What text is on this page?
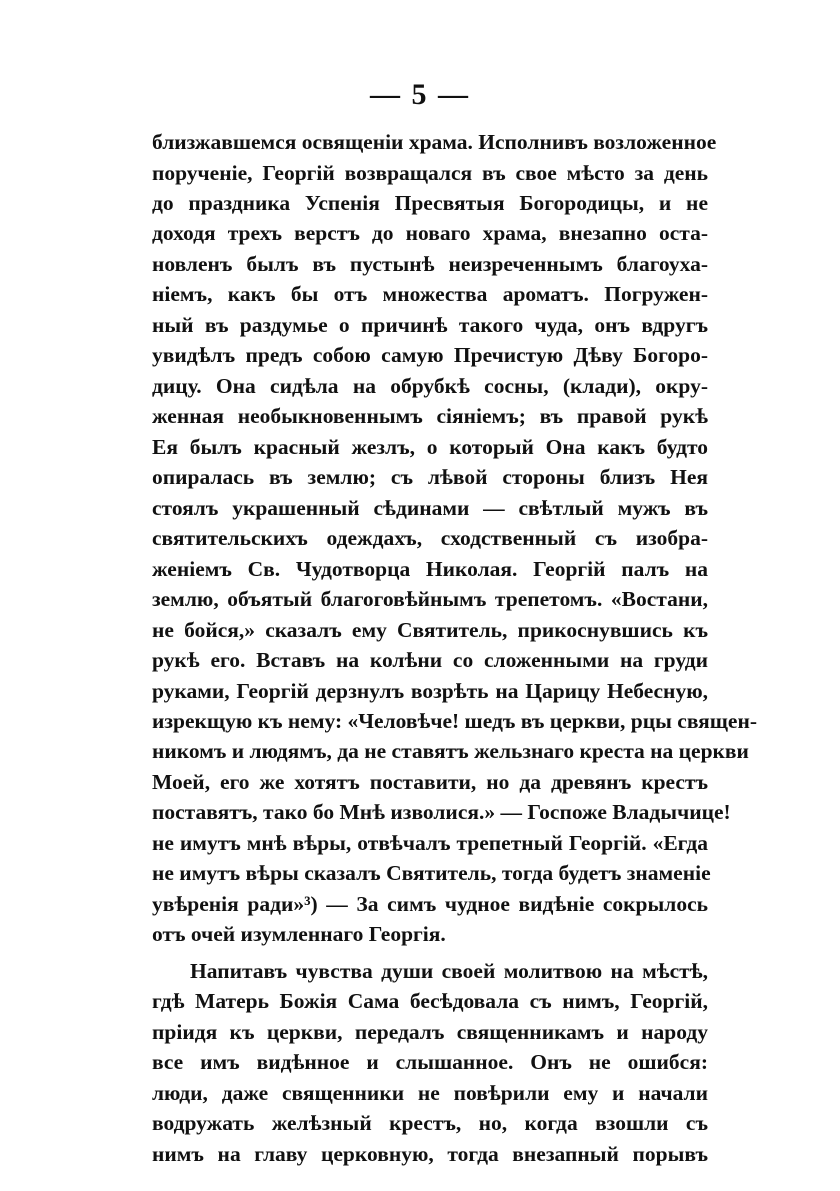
— 5 —
близжавшемся освященіи храма. Исполнивъ возложенное
порученіе, Георгій возвращался въ свое мѣсто за день
до праздника Успенія Пресвятыя Богородицы, и не
доходя трехъ верстъ до новаго храма, внезапно оста-
новленъ былъ въ пустынѣ неизреченнымъ благоуха-
ніемъ, какъ бы отъ множества ароматъ. Погружен-
ный въ раздумье о причинѣ такого чуда, онъ вдругъ
увидѣлъ предъ собою самую Пречистую Дѣву Богоро-
дицу. Она сидѣла на обрубкѣ сосны, (клади), окру-
женная необыкновеннымъ сіяніемъ; въ правой рукѣ
Ея былъ красный жезлъ, о который Она какъ будто
опиралась въ землю; съ лѣвой стороны близъ Нея
стоялъ украшенный сѣдинами — свѣтлый мужъ въ
святительскихъ одеждахъ, сходственный съ изобра-
женіемъ Св. Чудотворца Николая. Георгій палъ на
землю, объятый благоговѣйнымъ трепетомъ. «Востани,
не бойся,» сказалъ ему Святитель, прикоснувшись къ
рукѣ его. Вставъ на колѣни со сложенными на груди
руками, Георгій дерзнулъ возрѣть на Царицу Небесную,
изрекщую къ нему: «Человѣче! шедъ въ церкви, рцы священ-
никомъ и людямъ, да не ставятъ жельзнаго креста на церкви
Моей, его же хотятъ поставити, но да древянъ крестъ
поставятъ, тако бо Мнѣ изволися.» — Госпоже Владычице!
не имутъ мнѣ вѣры, отвѣчалъ трепетный Георгій. «Егда
не имутъ вѣры сказалъ Святитель, тогда будетъ знаменіе
увѣренія ради»³) — За симъ чудное видѣніе сокрылось
отъ очей изумленнаго Георгія.
Напитавъ чувства души своей молитвою на мѣстѣ,
гдѣ Матерь Божія Сама бесѣдовала съ нимъ, Георгій,
пріидя къ церкви, передалъ священникамъ и народу
все имъ видѣнное и слышанное. Онъ не ошибся:
люди, даже священники не повѣрили ему и начали
водружать желѣзный крестъ, но, когда взошли съ
нимъ на главу церковную, тогда внезапный порывъ
